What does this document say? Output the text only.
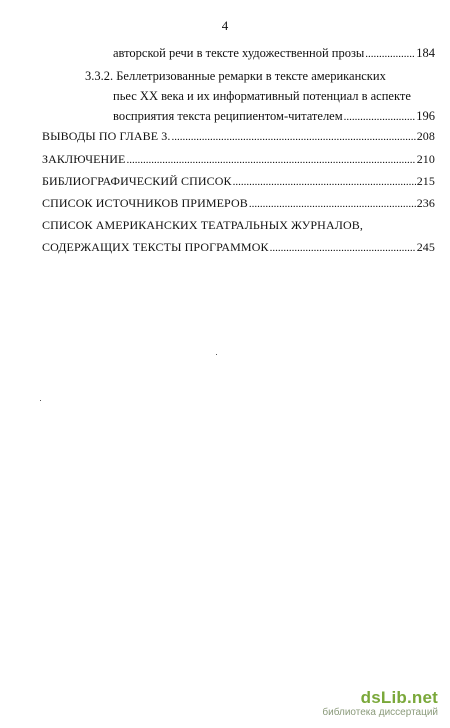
4
авторской речи в тексте художественной прозы .....	184
3.3.2. Беллетризованные ремарки в тексте американских
пьес XX века и их информативный потенциал в аспекте
восприятия текста реципиентом-читателем .....	196
ВЫВОДЫ ПО ГЛАВЕ 3. .....	208
ЗАКЛЮЧЕНИЕ .....	210
БИБЛИОГРАФИЧЕСКИЙ СПИСОК .....	215
СПИСОК ИСТОЧНИКОВ ПРИМЕРОВ .....	236
СПИСОК АМЕРИКАНСКИХ ТЕАТРАЛЬНЫХ ЖУРНАЛОВ,
СОДЕРЖАЩИХ ТЕКСТЫ ПРОГРАММОК .....	245
dsLib.net
библиотека диссертаций
